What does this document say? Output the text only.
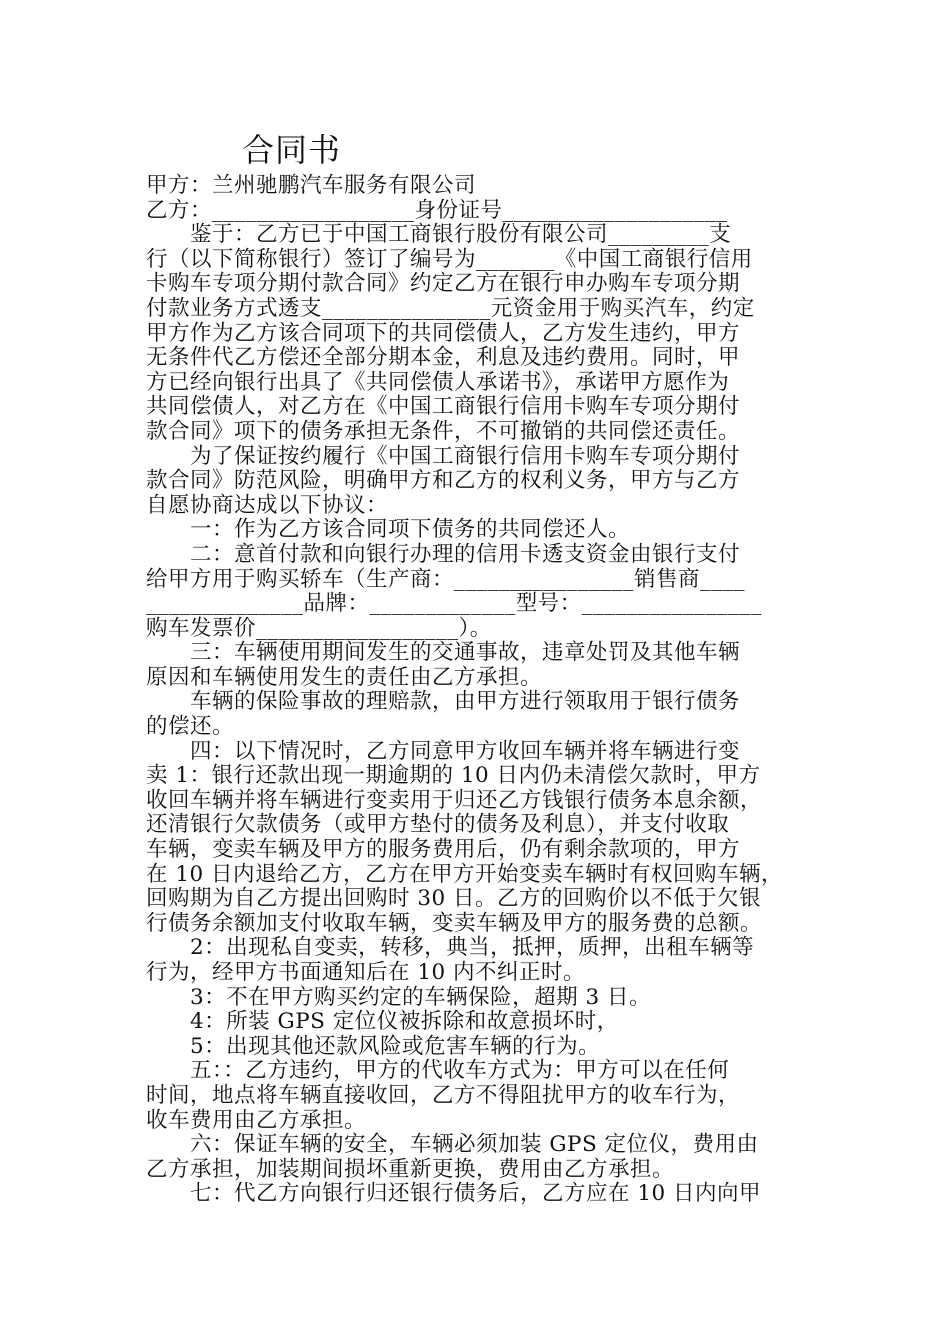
合同书
甲方：兰州驰鹏汽车服务有限公司
乙方：__________________身份证号____________________
鉴于：乙方已于中国工商银行股份有限公司_________支
行（以下简称银行）签订了编号为_______《中国工商银行信用
卡购车专项分期付款合同》约定乙方在银行申办购车专项分期
付款业务方式透支_______________元资金用于购买汽车，约定
甲方作为乙方该合同项下的共同偿债人，乙方发生违约，甲方
无条件代乙方偿还全部分期本金，利息及违约费用。同时，甲
方已经向银行出具了《共同偿债人承诺书》，承诺甲方愿作为
共同偿债人，对乙方在《中国工商银行信用卡购车专项分期付
款合同》项下的债务承担无条件，不可撤销的共同偿还责任。
为了保证按约履行《中国工商银行信用卡购车专项分期付
款合同》防范风险，明确甲方和乙方的权利义务，甲方与乙方
自愿协商达成以下协议：
一：作为乙方该合同项下债务的共同偿还人。
二：意首付款和向银行办理的信用卡透支资金由银行支付
给甲方用于购买轿车（生产商：________________销售商____
______________品牌：_____________型号：________________
购车发票价__________________）。
三：车辆使用期间发生的交通事故，违章处罚及其他车辆
原因和车辆使用发生的责任由乙方承担。
车辆的保险事故的理赔款，由甲方进行领取用于银行债务
的偿还。
四：以下情况时，乙方同意甲方收回车辆并将车辆进行变
卖 1：银行还款出现一期逾期的 10 日内仍未清偿欠款时，甲方
收回车辆并将车辆进行变卖用于归还乙方钱银行债务本息余额，
还清银行欠款债务（或甲方垫付的债务及利息），并支付收取
车辆，变卖车辆及甲方的服务费用后，仍有剩余款项的，甲方
在 10 日内退给乙方，乙方在甲方开始变卖车辆时有权回购车辆，
回购期为自乙方提出回购时 30 日。乙方的回购价以不低于欠银
行债务余额加支付收取车辆，变卖车辆及甲方的服务费的总额。
2：出现私自变卖，转移，典当，抵押，质押，出租车辆等
行为，经甲方书面通知后在 10 内不纠正时。
3：不在甲方购买约定的车辆保险，超期 3 日。
4：所装 GPS 定位仪被拆除和故意损坏时，
5：出现其他还款风险或危害车辆的行为。
五：：乙方违约，甲方的代收车方式为：甲方可以在任何
时间，地点将车辆直接收回，乙方不得阻扰甲方的收车行为，
收车费用由乙方承担。
六：保证车辆的安全，车辆必须加装 GPS 定位仪，费用由
乙方承担，加装期间损坏重新更换，费用由乙方承担。
七：代乙方向银行归还银行债务后，乙方应在 10 日内向甲
